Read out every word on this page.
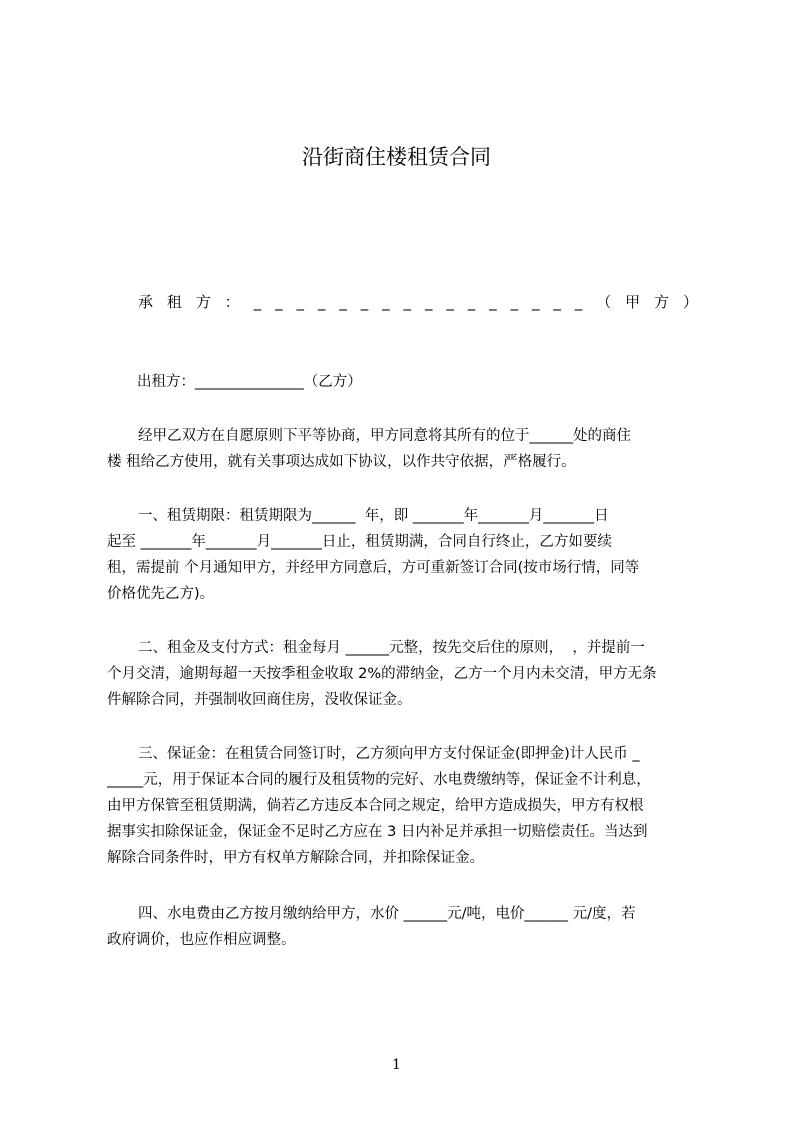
沿街商住楼租赁合同
承 租 方 ： _ _ _ _ _ _ _ _ _ _ _ _ _ _ _ _ （ 甲 方 ）
出租方：_______________（乙方）
经甲乙双方在自愿原则下平等协商，甲方同意将其所有的位于______处的商住
楼 租给乙方使用，就有关事项达成如下协议，以作共守依据，严格履行。
一、租赁期限：租赁期限为______  年，即 _______年_______月_______日
起至 _______年_______月_______日止，租赁期满，合同自行终止，乙方如要续
租，需提前 个月通知甲方，并经甲方同意后，方可重新签订合同(按市场行情，同等
价格优先乙方)。
二、租金及支付方式：租金每月 ______元整，按先交后住的原则，  ，并提前一
个月交清，逾期每超一天按季租金收取 2%的滞纳金，乙方一个月内未交清，甲方无条
件解除合同，并强制收回商住房，没收保证金。
三、保证金：在租赁合同签订时，乙方须向甲方支付保证金(即押金)计人民币 _
_____元，用于保证本合同的履行及租赁物的完好、水电费缴纳等，保证金不计利息，
由甲方保管至租赁期满，倘若乙方违反本合同之规定，给甲方造成损失，甲方有权根
据事实扣除保证金，保证金不足时乙方应在 3 日内补足并承担一切赔偿责任。当达到
解除合同条件时，甲方有权单方解除合同，并扣除保证金。
四、水电费由乙方按月缴纳给甲方，水价 ______元/吨，电价______ 元/度，若
政府调价，也应作相应调整。
1
